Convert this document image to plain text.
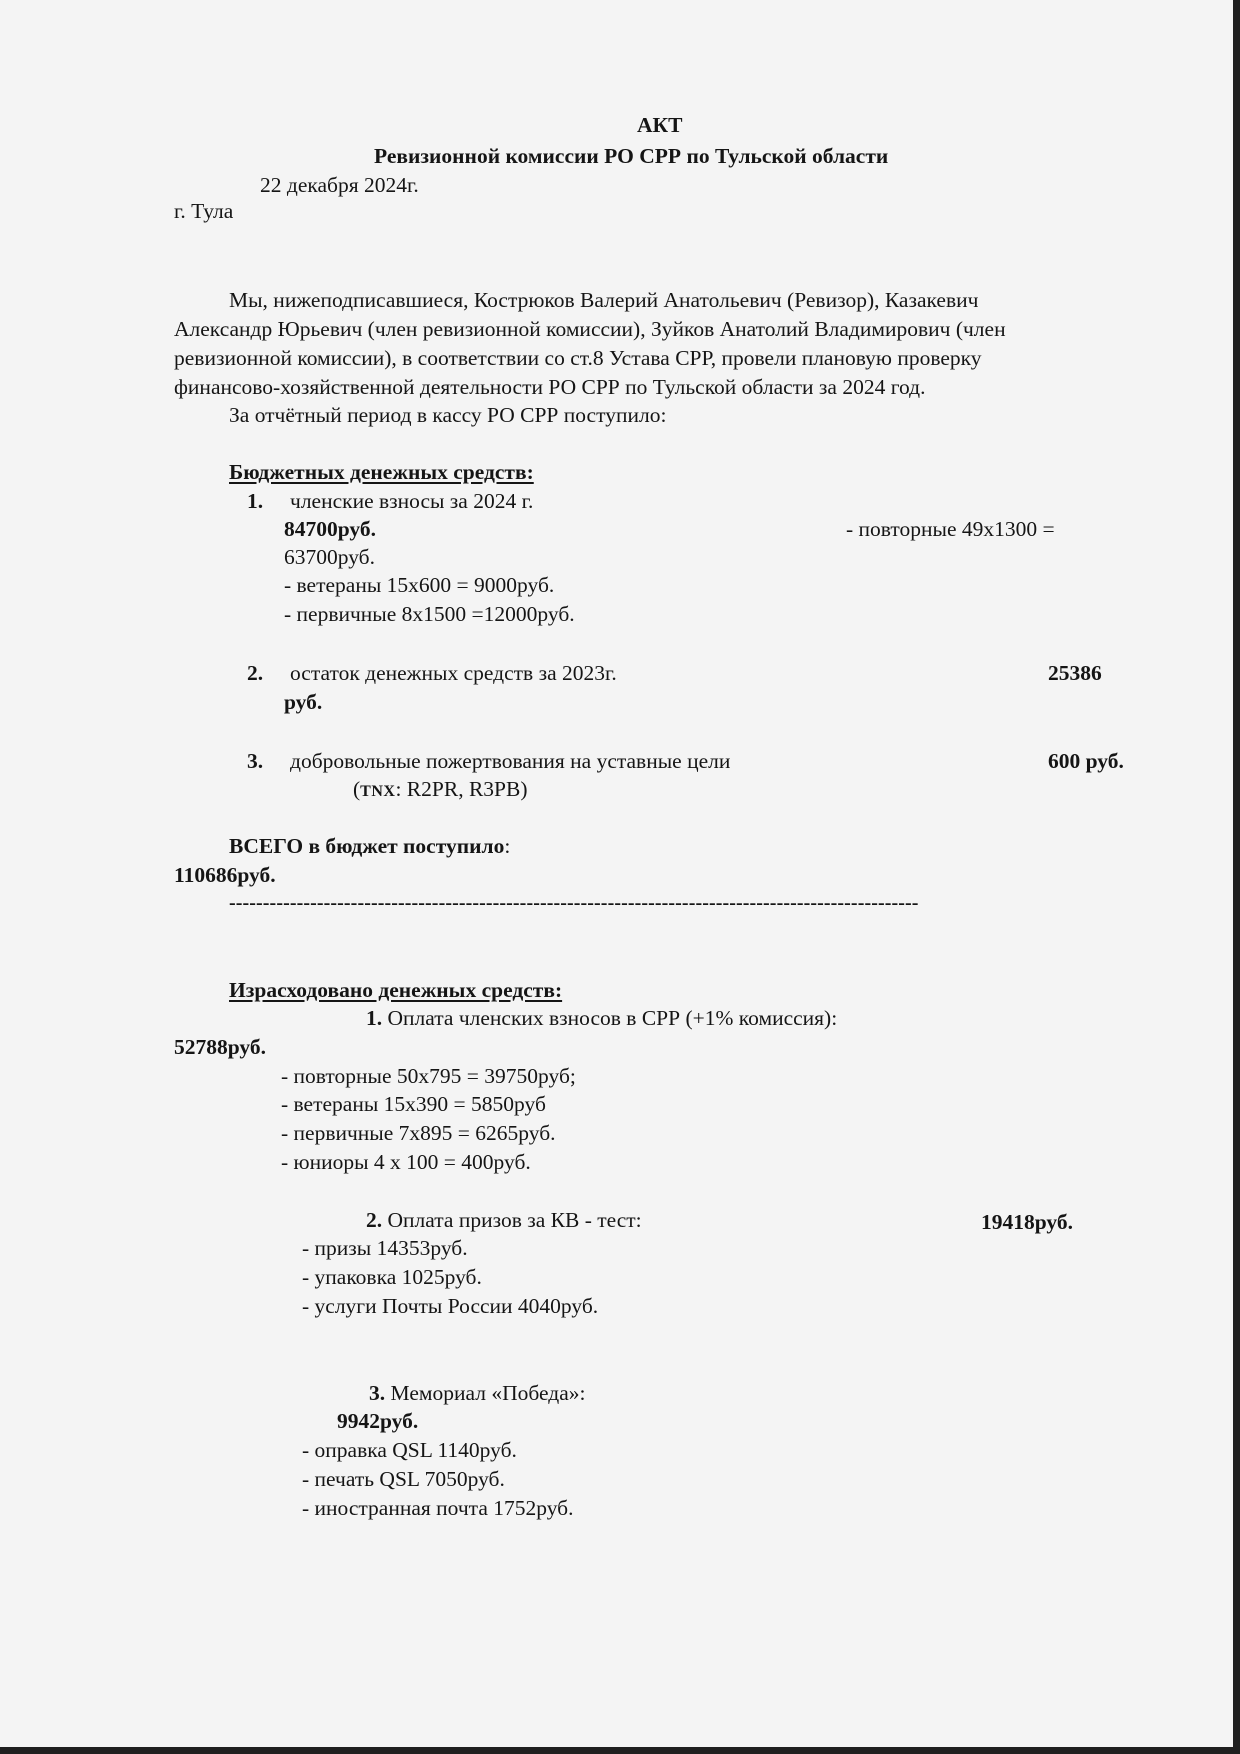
АКТ
Ревизионной комиссии РО СРР по Тульской области
22 декабря 2024г.
г. Тула
Мы, нижеподписавшиеся, Кострюков Валерий Анатольевич (Ревизор), Казакевич
Александр Юрьевич (член ревизионной комиссии), Зуйков Анатолий Владимирович (член
ревизионной комиссии), в соответствии со ст.8 Устава СРР, провели плановую проверку
финансово-хозяйственной деятельности РО СРР по Тульской области за 2024 год.
За отчётный период в кассу РО СРР поступило:
Бюджетных денежных средств:
1. членские взносы за 2024 г.
84700руб.	- повторные 49х1300 =
63700руб.
- ветераны 15х600 = 9000руб.
- первичные 8х1500 =12000руб.
2. остаток денежных средств за 2023г.	25386
руб.
3. добровольные пожертвования на уставные цели	600 руб.
(TNX: R2PR, R3PB)
ВСЕГО в бюджет поступило:
110686руб.
------------------------------------------------------------------------------------------------------
Израсходовано денежных средств:
1. Оплата членских взносов в СРР (+1% комиссия):
52788руб.
- повторные 50х795 = 39750руб;
- ветераны 15х390 = 5850руб
- первичные 7х895 = 6265руб.
- юниоры 4 х 100 = 400руб.
2. Оплата призов за КВ - тест:	19418руб.
- призы 14353руб.
- упаковка 1025руб.
- услуги Почты России 4040руб.
3. Мемориал «Победа»:
9942руб.
- оправка QSL 1140руб.
- печать QSL 7050руб.
- иностранная почта 1752руб.
